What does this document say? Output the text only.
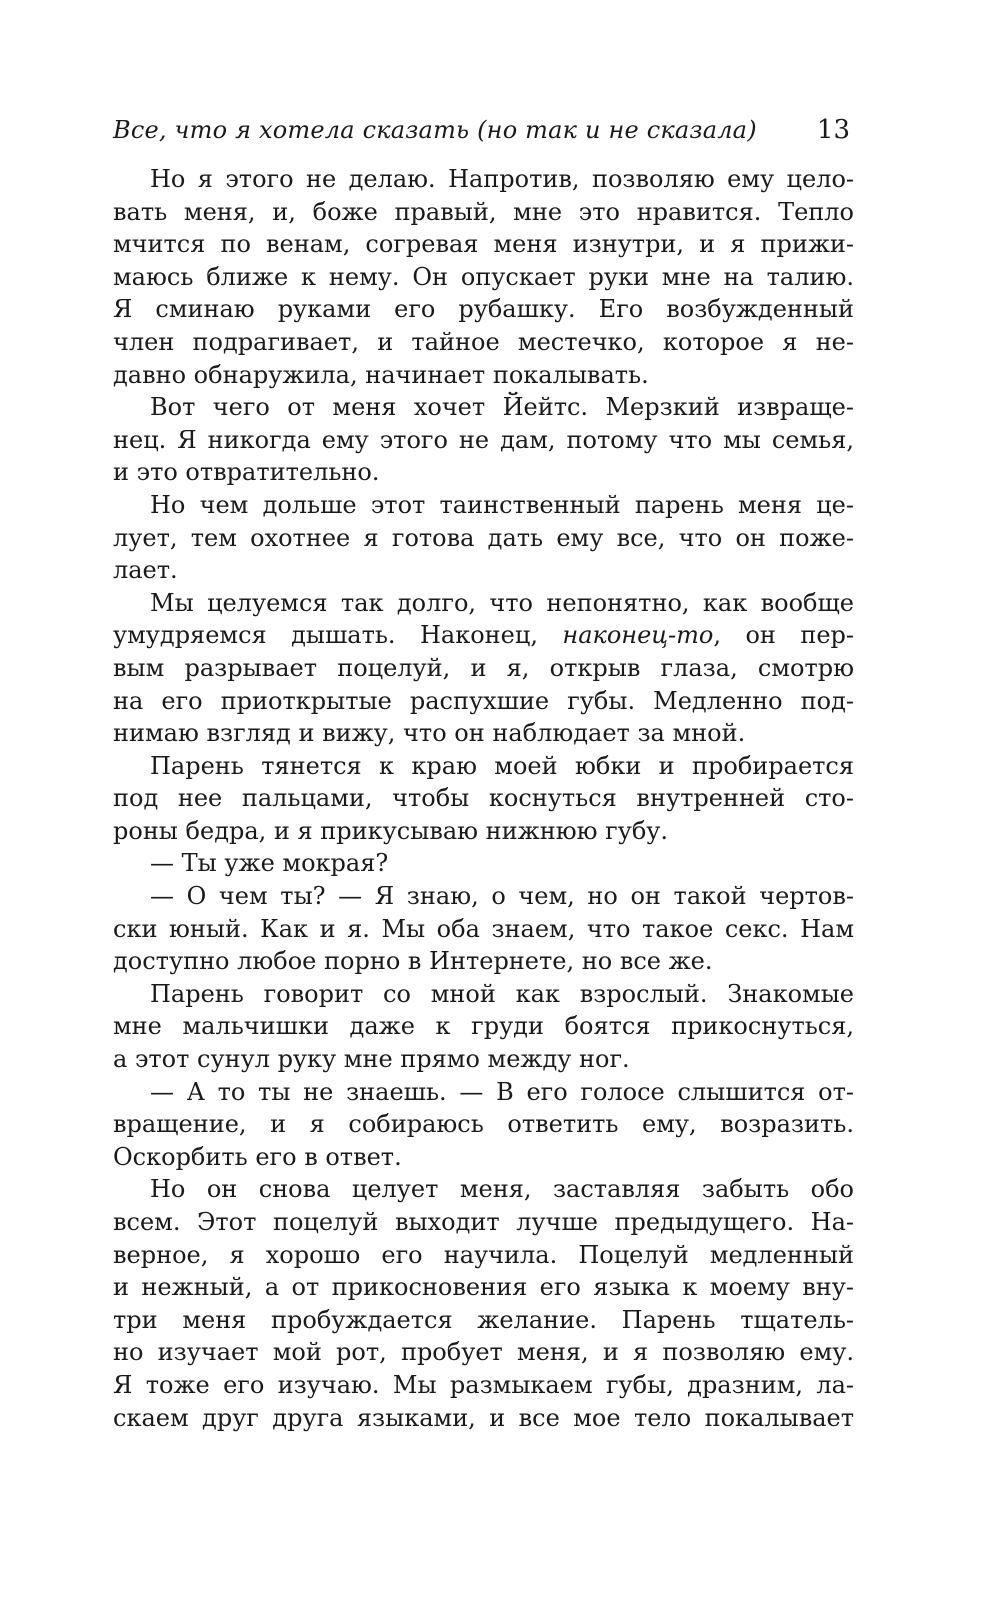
Все, что я хотела сказать (но так и не сказала) 13

Но я этого не делаю. Напротив, позволяю ему цело-
вать меня, и, боже правый, мне это нравится. Тепло
мчится по венам, согревая меня изнутри, и я прижи-
маюсь ближе к нему. Он опускает руки мне на талию.
Я сминаю руками его рубашку. Его возбужденный
член подрагивает, и тайное местечко, которое я не-
давно обнаружила, начинает покалывать.

Вот чего от меня хочет Йейтс. Мерзкий извраще-
нец. Я никогда ему этого не дам, потому что мы семья,
и это отвратительно.

Но чем дольше этот таинственный парень меня це-
лует, тем охотнее я готова дать ему все, что он поже-
лает.

Мы целуемся так долго, что непонятно, как вообще
умудряемся дышать. Наконец, наконец-то, он пер-
вым разрывает поцелуй, и я, открыв глаза, смотрю
на его приоткрытые распухшие губы. Медленно под-
нимаю взгляд и вижу, что он наблюдает за мной.

Парень тянется к краю моей юбки и пробирается
под нее пальцами, чтобы коснуться внутренней сто-
роны бедра, и я прикусываю нижнюю губу.

— Ты уже мокрая?

— О чем ты? — Я знаю, о чем, но он такой чертов-
ски юный. Как и я. Мы оба знаем, что такое секс. Нам
доступно любое порно в Интернете, но все же.

Парень говорит со мной как взрослый. Знакомые
мне мальчишки даже к груди боятся прикоснуться,
а этот сунул руку мне прямо между ног.

— А то ты не знаешь. — В его голосе слышится от-
вращение, и я собираюсь ответить ему, возразить.
Оскорбить его в ответ.

Но он снова целует меня, заставляя забыть обо
всем. Этот поцелуй выходит лучше предыдущего. На-
верное, я хорошо его научила. Поцелуй медленный
и нежный, а от прикосновения его языка к моему вну-
три меня пробуждается желание. Парень тщатель-
но изучает мой рот, пробует меня, и я позволяю ему.
Я тоже его изучаю. Мы размыкаем губы, дразним, ла-
скаем друг друга языками, и все мое тело покалывает
